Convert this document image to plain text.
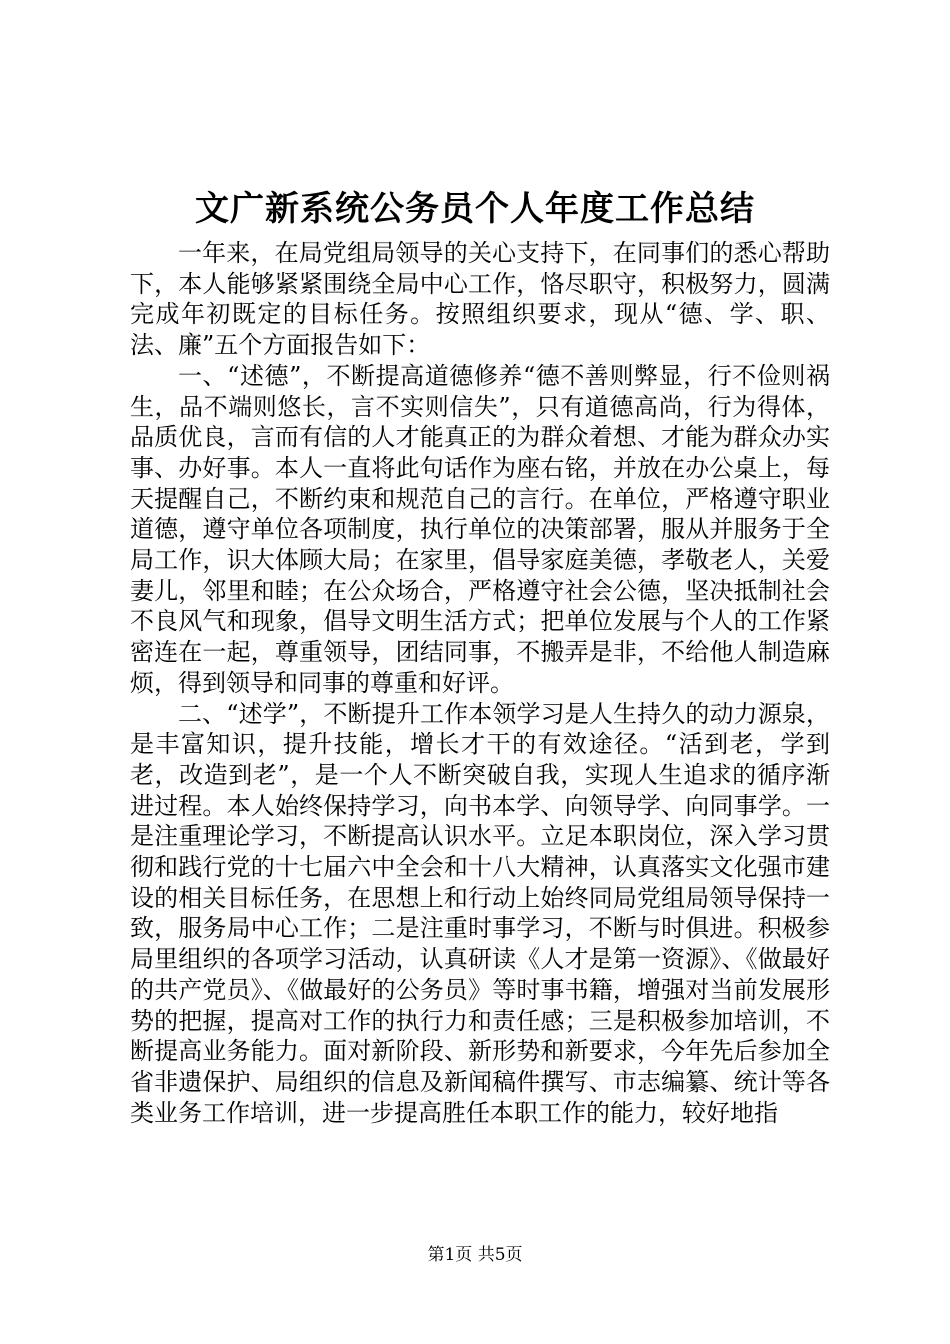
文广新系统公务员个人年度工作总结

一年来，在局党组局领导的关心支持下，在同事们的悉心帮助下，本人能够紧紧围绕全局中心工作，恪尽职守，积极努力，圆满完成年初既定的目标任务。按照组织要求，现从“德、学、职、法、廉”五个方面报告如下：

一、“述德”，不断提高道德修养“德不善则弊显，行不俭则祸生，品不端则悠长，言不实则信失”，只有道德高尚，行为得体，品质优良，言而有信的人才能真正的为群众着想、才能为群众办实事、办好事。本人一直将此句话作为座右铭，并放在办公桌上，每天提醒自己，不断约束和规范自己的言行。在单位，严格遵守职业道德，遵守单位各项制度，执行单位的决策部署，服从并服务于全局工作，识大体顾大局；在家里，倡导家庭美德，孝敬老人，关爱妻儿，邻里和睦；在公众场合，严格遵守社会公德，坚决抵制社会不良风气和现象，倡导文明生活方式；把单位发展与个人的工作紧密连在一起，尊重领导，团结同事，不搬弄是非，不给他人制造麻烦，得到领导和同事的尊重和好评。

二、“述学”，不断提升工作本领学习是人生持久的动力源泉，是丰富知识，提升技能，增长才干的有效途径。“活到老，学到老，改造到老”，是一个人不断突破自我，实现人生追求的循序渐进过程。本人始终保持学习，向书本学、向领导学、向同事学。一是注重理论学习，不断提高认识水平。立足本职岗位，深入学习贯彻和践行党的十七届六中全会和十八大精神，认真落实文化强市建设的相关目标任务，在思想上和行动上始终同局党组局领导保持一致，服务局中心工作；二是注重时事学习，不断与时俱进。积极参局里组织的各项学习活动，认真研读《人才是第一资源》、《做最好的共产党员》、《做最好的公务员》等时事书籍，增强对当前发展形势的把握，提高对工作的执行力和责任感；三是积极参加培训，不断提高业务能力。面对新阶段、新形势和新要求，今年先后参加全省非遗保护、局组织的信息及新闻稿件撰写、市志编纂、统计等各类业务工作培训，进一步提高胜任本职工作的能力，较好地指

第1页 共5页
